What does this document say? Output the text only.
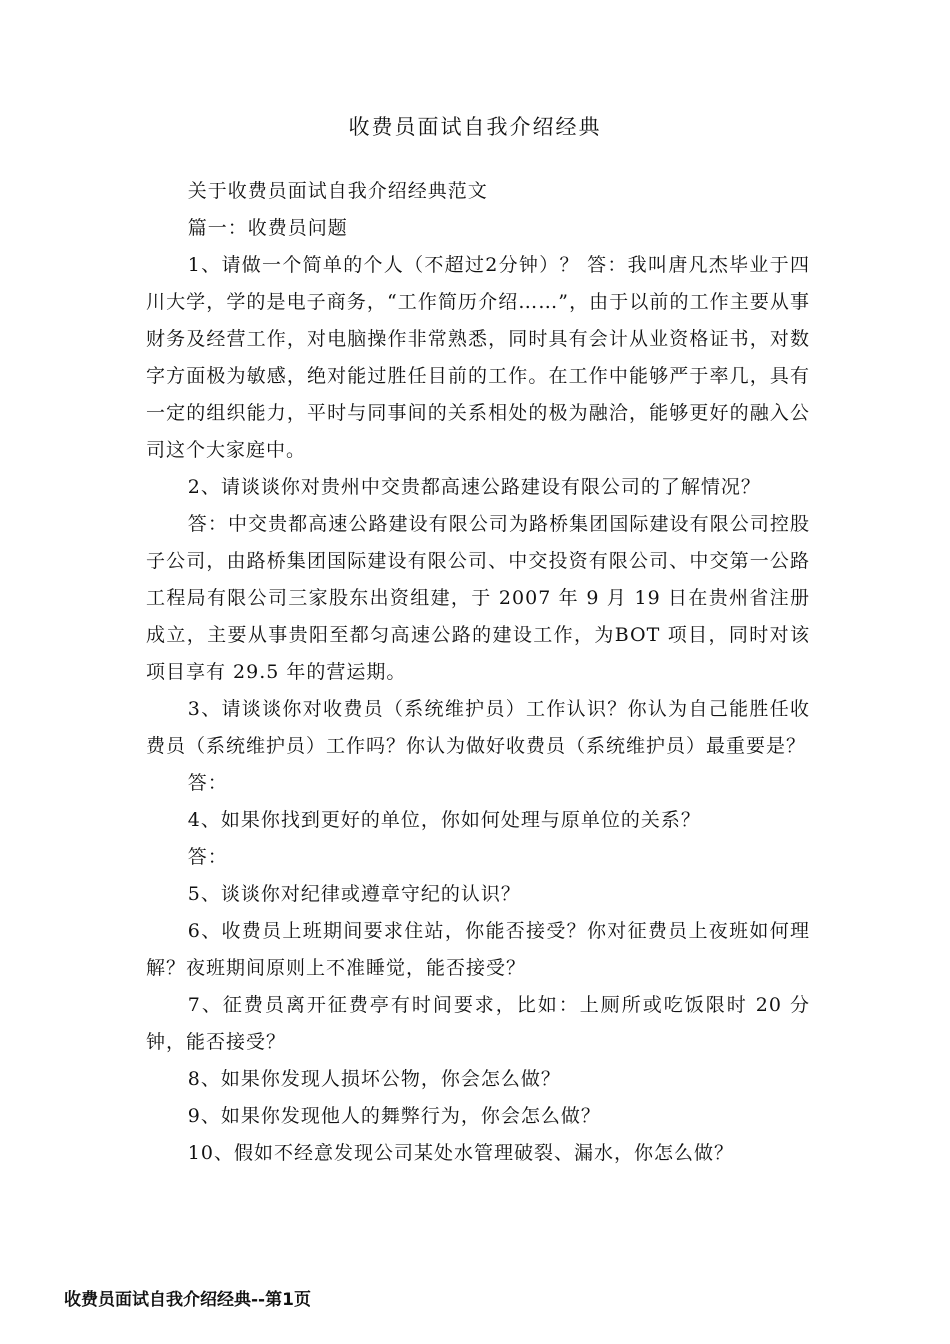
收费员面试自我介绍经典

关于收费员面试自我介绍经典范文

篇一：收费员问题

1、请做一个简单的个人（不超过2分钟）？ 答：我叫唐凡杰毕业于四川大学，学的是电子商务，“工作简历介绍……”，由于以前的工作主要从事财务及经营工作，对电脑操作非常熟悉，同时具有会计从业资格证书，对数字方面极为敏感，绝对能过胜任目前的工作。在工作中能够严于率几，具有一定的组织能力，平时与同事间的关系相处的极为融洽，能够更好的融入公司这个大家庭中。

2、请谈谈你对贵州中交贵都高速公路建设有限公司的了解情况？

答：中交贵都高速公路建设有限公司为路桥集团国际建设有限公司控股子公司，由路桥集团国际建设有限公司、中交投资有限公司、中交第一公路工程局有限公司三家股东出资组建，于 2007 年 9 月 19 日在贵州省注册成立，主要从事贵阳至都匀高速公路的建设工作，为BOT 项目，同时对该项目享有 29.5 年的营运期。

3、请谈谈你对收费员（系统维护员）工作认识？你认为自己能胜任收费员（系统维护员）工作吗？你认为做好收费员（系统维护员）最重要是？

答：

4、如果你找到更好的单位，你如何处理与原单位的关系？

答：

5、谈谈你对纪律或遵章守纪的认识？

6、收费员上班期间要求住站，你能否接受？你对征费员上夜班如何理解？夜班期间原则上不准睡觉，能否接受？

7、征费员离开征费亭有时间要求，比如：上厕所或吃饭限时 20 分钟，能否接受？

8、如果你发现人损坏公物，你会怎么做？

9、如果你发现他人的舞弊行为，你会怎么做？

10、假如不经意发现公司某处水管理破裂、漏水，你怎么做？

收费员面试自我介绍经典--第1页
